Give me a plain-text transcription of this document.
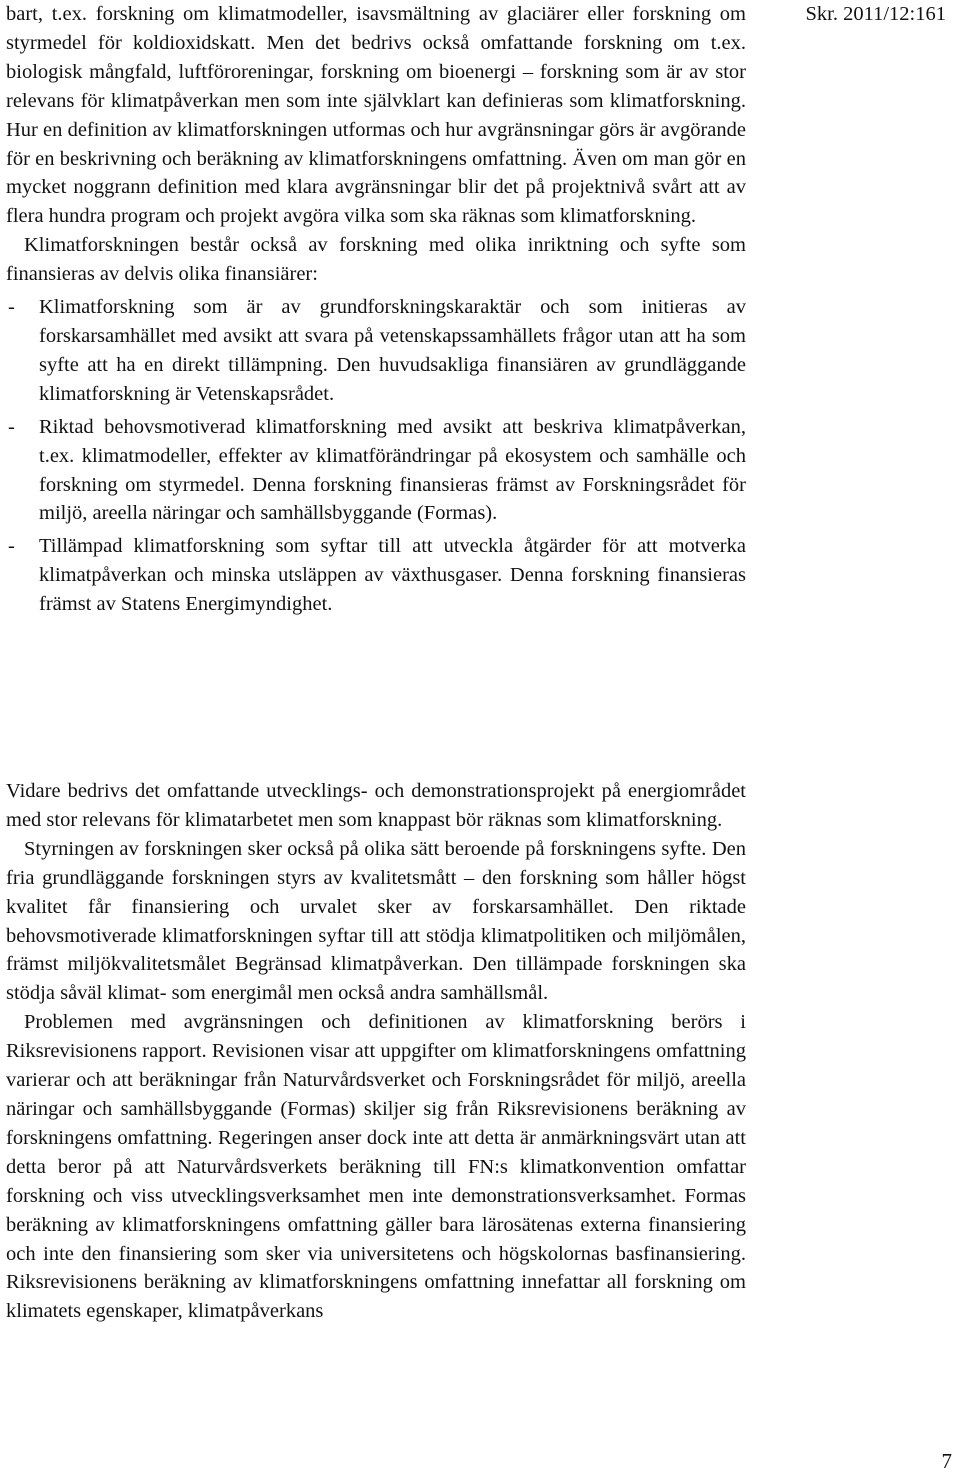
Skr. 2011/12:161

bart, t.ex. forskning om klimatmodeller, isavsmältning av glaciärer eller forskning om styrmedel för koldioxidskatt. Men det bedrivs också omfattande forskning om t.ex. biologisk mångfald, luftföroreningar, forskning om bioenergi – forskning som är av stor relevans för klimatpåverkan men som inte självklart kan definieras som klimatforskning. Hur en definition av klimatforskningen utformas och hur avgränsningar görs är avgörande för en beskrivning och beräkning av klimatforskningens omfattning. Även om man gör en mycket noggrann definition med klara avgränsningar blir det på projektnivå svårt att av flera hundra program och projekt avgöra vilka som ska räknas som klimatforskning.

Klimatforskningen består också av forskning med olika inriktning och syfte som finansieras av delvis olika finansiärer:

- Klimatforskning som är av grundforskningskaraktär och som initieras av forskarsamhället med avsikt att svara på vetenskapssamhällets frågor utan att ha som syfte att ha en direkt tillämpning. Den huvudsakliga finansiären av grundläggande klimatforskning är Vetenskapsrådet.
- Riktad behovsmotiverad klimatforskning med avsikt att beskriva klimatpåverkan, t.ex. klimatmodeller, effekter av klimatförändringar på ekosystem och samhälle och forskning om styrmedel. Denna forskning finansieras främst av Forskningsrådet för miljö, areella näringar och samhällsbyggande (Formas).
- Tillämpad klimatforskning som syftar till att utveckla åtgärder för att motverka klimatpåverkan och minska utsläppen av växthusgaser. Denna forskning finansieras främst av Statens Energimyndighet.

Vidare bedrivs det omfattande utvecklings- och demonstrationsprojekt på energiområdet med stor relevans för klimatarbetet men som knappast bör räknas som klimatforskning.

Styrningen av forskningen sker också på olika sätt beroende på forskningens syfte. Den fria grundläggande forskningen styrs av kvalitetsmått – den forskning som håller högst kvalitet får finansiering och urvalet sker av forskarsamhället. Den riktade behovsmotiverade klimatforskningen syftar till att stödja klimatpolitiken och miljömålen, främst miljökvalitetsmålet Begränsad klimatpåverkan. Den tillämpade forskningen ska stödja såväl klimat- som energimål men också andra samhällsmål.

Problemen med avgränsningen och definitionen av klimatforskning berörs i Riksrevisionens rapport. Revisionen visar att uppgifter om klimatforskningens omfattning varierar och att beräkningar från Naturvårdsverket och Forskningsrådet för miljö, areella näringar och samhällsbyggande (Formas) skiljer sig från Riksrevisionens beräkning av forskningens omfattning. Regeringen anser dock inte att detta är anmärkningsvärt utan att detta beror på att Naturvårdsverkets beräkning till FN:s klimatkonvention omfattar forskning och viss utvecklingsverksamhet men inte demonstrationsverksamhet. Formas beräkning av klimatforskningens omfattning gäller bara lärosätenas externa finansiering och inte den finansiering som sker via universitetens och högskolornas basfinansiering. Riksrevisionens beräkning av klimatforskningens omfattning innefattar all forskning om klimatets egenskaper, klimatpåverkans

7
